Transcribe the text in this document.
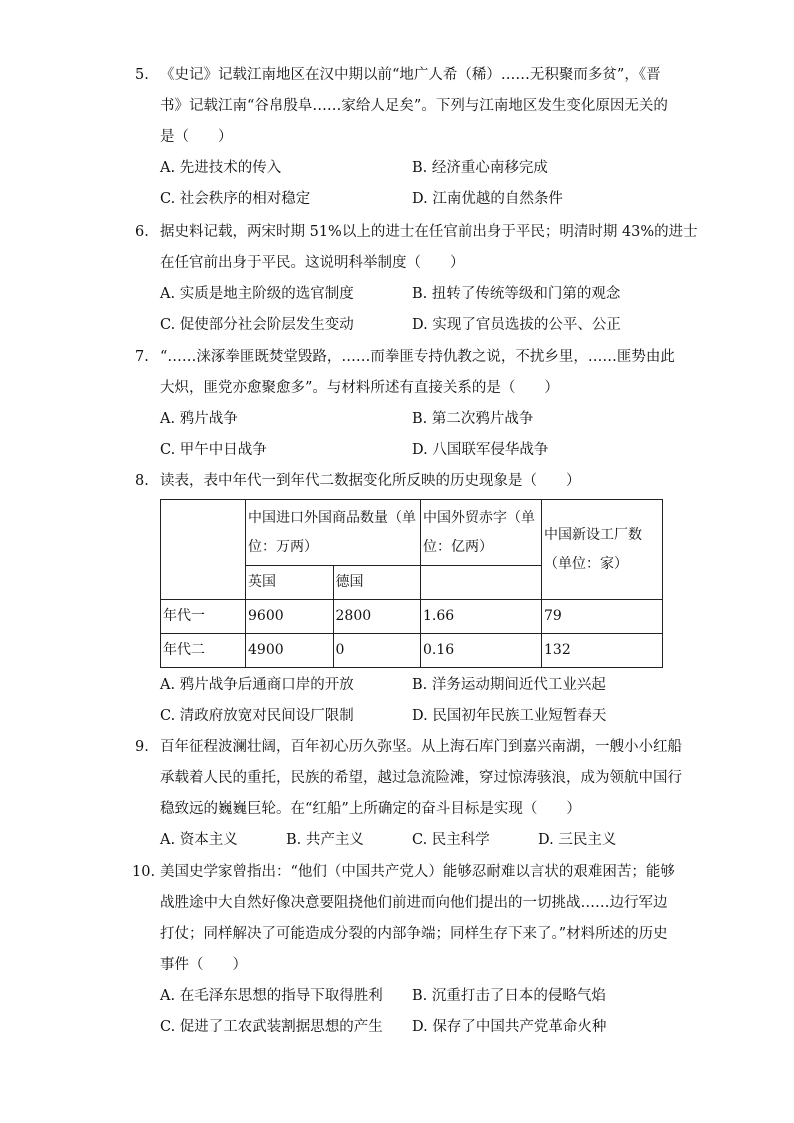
5. 《史记》记载江南地区在汉中期以前“地广人希（稀）……无积聚而多贫”，《晋
书》记载江南“谷帛殷阜……家给人足矣”。下列与江南地区发生变化原因无关的
是（　　）
A. 先进技术的传入	B. 经济重心南移完成
C. 社会秩序的相对稳定	D. 江南优越的自然条件
6. 据史料记载，两宋时期 51%以上的进士在任官前出身于平民；明清时期 43%的进士
在任官前出身于平民。这说明科举制度（　　）
A. 实质是地主阶级的选官制度	B. 扭转了传统等级和门第的观念
C. 促使部分社会阶层发生变动	D. 实现了官员选拔的公平、公正
7. “……涞涿拳匪既焚堂毁路，……而拳匪专持仇教之说，不扰乡里，……匪势由此
大炽，匪党亦愈聚愈多”。与材料所述有直接关系的是（　　）
A. 鸦片战争	B. 第二次鸦片战争
C. 甲午中日战争	D. 八国联军侵华战争
8. 读表，表中年代一到年代二数据变化所反映的历史现象是（　　）
	中国进口外国商品数量（单位：万两）		中国外贸赤字（单位：亿两）	中国新设工厂数（单位：家）
	英国	德国		
年代一	9600	2800	1.66	79
年代二	4900	0	0.16	132
A. 鸦片战争后通商口岸的开放	B. 洋务运动期间近代工业兴起
C. 清政府放宽对民间设厂限制	D. 民国初年民族工业短暂春天
9. 百年征程波澜壮阔，百年初心历久弥坚。从上海石库门到嘉兴南湖，一艘小小红船
承载着人民的重托，民族的希望，越过急流险滩，穿过惊涛骇浪，成为领航中国行
稳致远的巍巍巨轮。在“红船”上所确定的奋斗目标是实现（　　）
A. 资本主义	B. 共产主义	C. 民主科学	D. 三民主义
10. 美国史学家曾指出：“他们（中国共产党人）能够忍耐难以言状的艰难困苦；能够
战胜途中大自然好像决意要阻挠他们前进而向他们提出的一切挑战……边行军边
打仗；同样解决了可能造成分裂的内部争端；同样生存下来了。”材料所述的历史
事件（　　）
A. 在毛泽东思想的指导下取得胜利 B. 沉重打击了日本的侵略气焰
C. 促进了工农武装割据思想的产生 D. 保存了中国共产党革命火种
